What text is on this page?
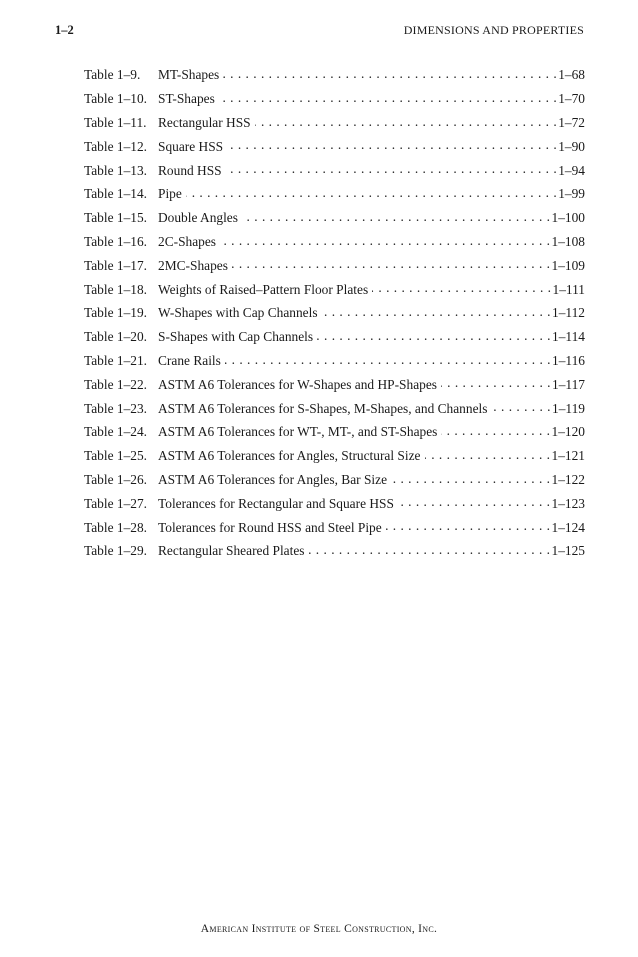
1–2	DIMENSIONS AND PROPERTIES
Table 1–9.	MT-Shapes . . .	1–68
Table 1–10. ST-Shapes . . .	1–70
Table 1–11. Rectangular HSS . . .	1–72
Table 1–12. Square HSS . . .	1–90
Table 1–13. Round HSS . . .	1–94
Table 1–14. Pipe . . .	1–99
Table 1–15. Double Angles . . .	1–100
Table 1–16. 2C-Shapes . . .	1–108
Table 1–17. 2MC-Shapes . . .	1–109
Table 1–18. Weights of Raised–Pattern Floor Plates . . .	1–111
Table 1–19. W-Shapes with Cap Channels . . .	1–112
Table 1–20. S-Shapes with Cap Channels . . .	1–114
Table 1–21. Crane Rails . . .	1–116
Table 1–22. ASTM A6 Tolerances for W-Shapes and HP-Shapes . . .	1–117
Table 1–23. ASTM A6 Tolerances for S-Shapes, M-Shapes, and Channels . . .	1–119
Table 1–24. ASTM A6 Tolerances for WT-, MT-, and ST-Shapes . . .	1–120
Table 1–25. ASTM A6 Tolerances for Angles, Structural Size . . .	1–121
Table 1–26. ASTM A6 Tolerances for Angles, Bar Size . . .	1–122
Table 1–27. Tolerances for Rectangular and Square HSS . . .	1–123
Table 1–28. Tolerances for Round HSS and Steel Pipe . . .	1–124
Table 1–29. Rectangular Sheared Plates . . .	1–125
American Institute of Steel Construction, Inc.
